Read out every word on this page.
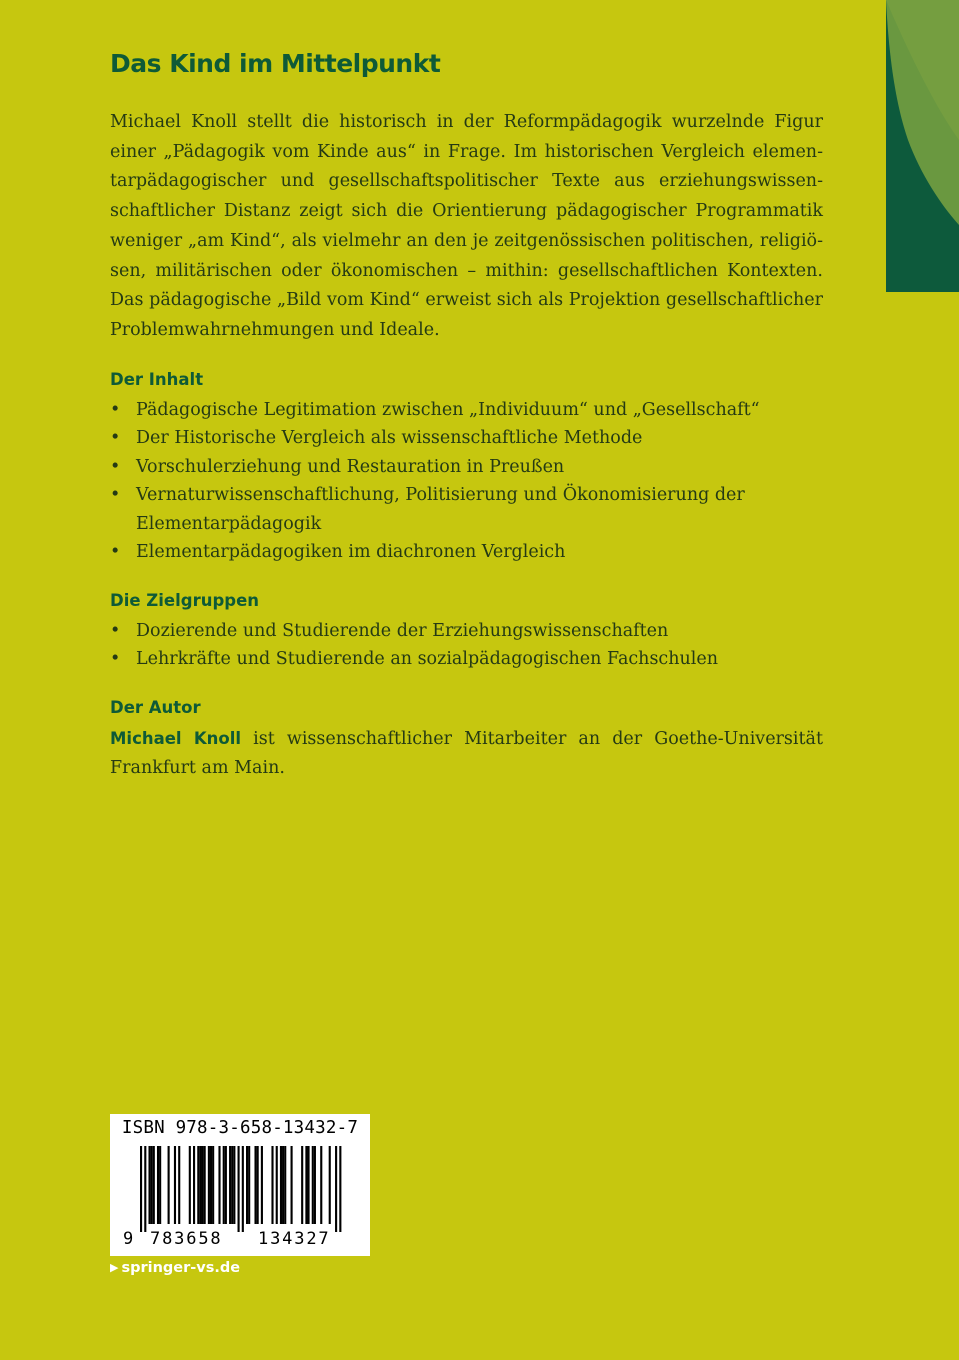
Das Kind im Mittelpunkt

Michael Knoll stellt die historisch in der Reformpädagogik wurzelnde Figur einer „Pädagogik vom Kinde aus“ in Frage. Im historischen Vergleich elementarpädagogischer und gesellschaftspolitischer Texte aus erziehungswissenschaftlicher Distanz zeigt sich die Orientierung pädagogischer Programmatik weniger „am Kind“, als vielmehr an den je zeitgenössischen politischen, religiösen, militärischen oder ökonomischen – mithin: gesellschaftlichen Kontexten. Das pädagogische „Bild vom Kind“ erweist sich als Projektion gesellschaftlicher Problemwahrnehmungen und Ideale.

Der Inhalt
• Pädagogische Legitimation zwischen „Individuum“ und „Gesellschaft“
• Der Historische Vergleich als wissenschaftliche Methode
• Vorschulerziehung und Restauration in Preußen
• Vernaturwissenschaftlichung, Politisierung und Ökonomisierung der Elementarpädagogik
• Elementarpädagogiken im diachronen Vergleich
Die Zielgruppen
• Dozierende und Studierende der Erziehungswissenschaften
• Lehrkräfte und Studierende an sozialpädagogischen Fachschulen
Der Autor

Michael Knoll ist wissenschaftlicher Mitarbeiter an der Goethe-Universität Frankfurt am Main.

ISBN 978-3-658-13432-7
9 783658 134327
▶ springer-vs.de
